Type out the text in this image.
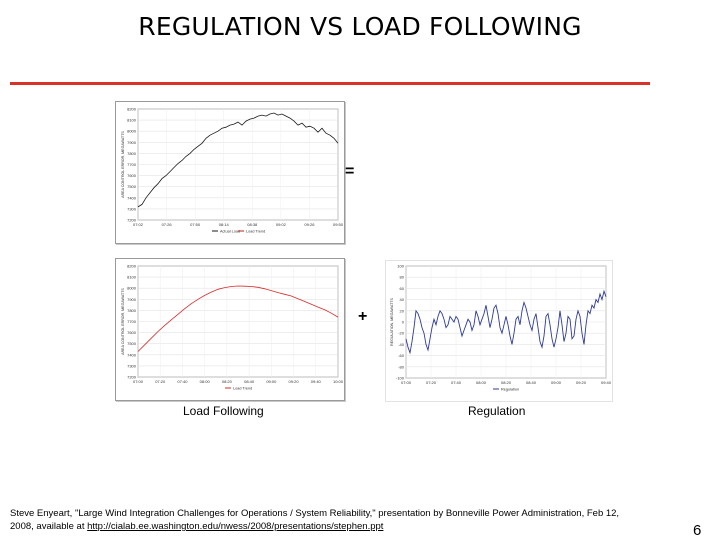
REGULATION VS LOAD FOLLOWING
7200
7300
7400
7500
7600
7700
7800
7900
8000
8100
8200
07:02	07:26	07:50	08:14	08:38	09:02	09:26	09:50
AREA CONTROL ERROR, MEGAWATTS
Actual Load Load Trend
=
7200
7300
7400
7500
7600
7700
7800
7900
8000
8100
8200
07:00	07:20	07:40	08:00	08:20	08:40	09:00	09:20	09:40	10:00
AREA CONTROL ERROR, MEGAWATTS
Load Trend
+
-100
-80
-60
-40
-20
0
20
40
60
80
100
07:00	07:20	07:40	08:00	08:20	08:40	09:00	09:20	09:40
REGULATION, MEGAWATTS
Regulation
Load Following	Regulation
Steve Enyeart, "Large Wind Integration Challenges for Operations / System Reliability," presentation by Bonneville Power Administration, Feb 12, 2008, available at http://cialab.ee.washington.edu/nwess/2008/presentations/stephen.ppt	6
